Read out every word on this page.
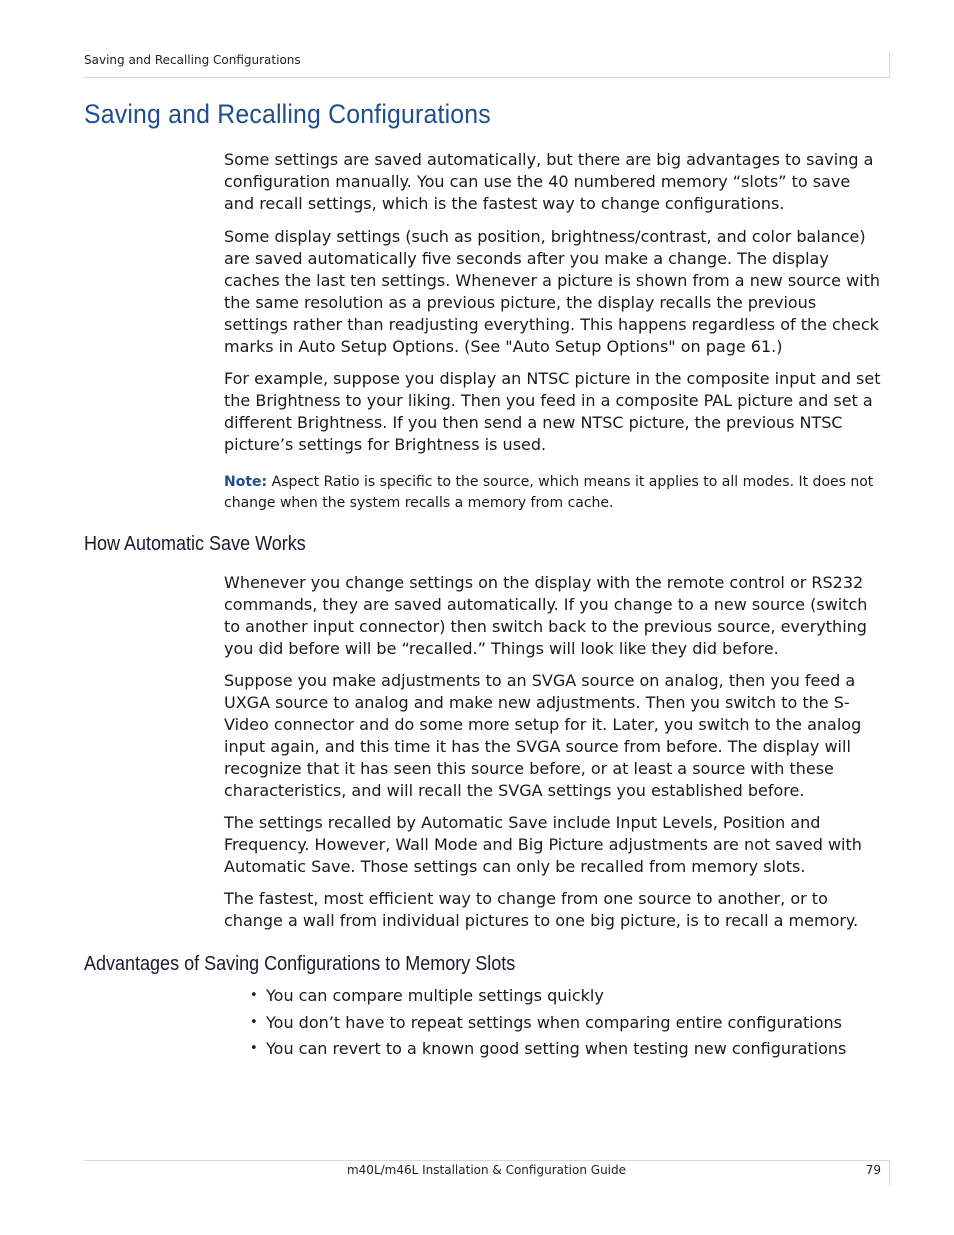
Saving and Recalling Configurations
Saving and Recalling Configurations

Some settings are saved automatically, but there are big advantages to saving a configuration manually. You can use the 40 numbered memory “slots” to save and recall settings, which is the fastest way to change configurations.

Some display settings (such as position, brightness/contrast, and color balance) are saved automatically five seconds after you make a change. The display caches the last ten settings. Whenever a picture is shown from a new source with the same resolution as a previous picture, the display recalls the previous settings rather than readjusting everything. This happens regardless of the check marks in Auto Setup Options. (See "Auto Setup Options" on page 61.)

For example, suppose you display an NTSC picture in the composite input and set the Brightness to your liking. Then you feed in a composite PAL picture and set a different Brightness. If you then send a new NTSC picture, the previous NTSC picture’s settings for Brightness is used.

Note: Aspect Ratio is specific to the source, which means it applies to all modes. It does not change when the system recalls a memory from cache.

How Automatic Save Works

Whenever you change settings on the display with the remote control or RS232 commands, they are saved automatically. If you change to a new source (switch to another input connector) then switch back to the previous source, everything you did before will be “recalled.” Things will look like they did before.

Suppose you make adjustments to an SVGA source on analog, then you feed a UXGA source to analog and make new adjustments. Then you switch to the S-Video connector and do some more setup for it. Later, you switch to the analog input again, and this time it has the SVGA source from before. The display will recognize that it has seen this source before, or at least a source with these characteristics, and will recall the SVGA settings you established before.

The settings recalled by Automatic Save include Input Levels, Position and Frequency. However, Wall Mode and Big Picture adjustments are not saved with Automatic Save. Those settings can only be recalled from memory slots.

The fastest, most efficient way to change from one source to another, or to change a wall from individual pictures to one big picture, is to recall a memory.

Advantages of Saving Configurations to Memory Slots
• You can compare multiple settings quickly
• You don’t have to repeat settings when comparing entire configurations
• You can revert to a known good setting when testing new configurations
m40L/m46L Installation & Configuration Guide	79
